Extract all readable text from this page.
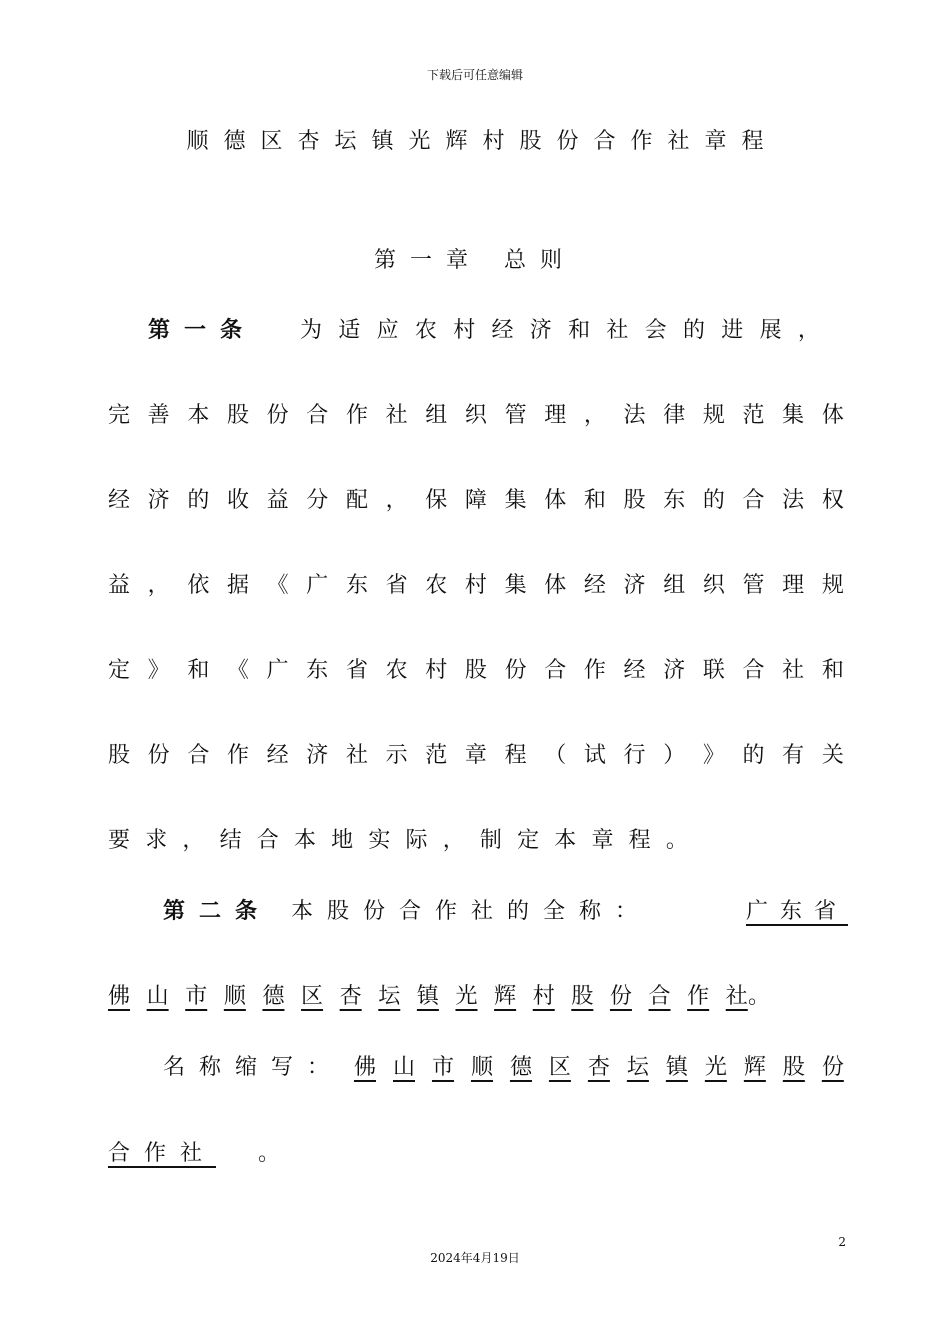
下载后可任意编辑
顺德区杏坛镇光辉村股份合作社章程
第一章 总则
第一条 为 适 应 农 村 经 济 和 社 会 的 进 展 ，
完 善 本 股 份 合 作 社 组 织 管 理 ， 法 律 规 范 集 体
经 济 的 收 益 分 配 ， 保 障 集 体 和 股 东 的 合 法 权
益 ， 依 据 《 广 东 省 农 村 集 体 经 济 组 织 管 理 规
定 》 和 《 广 东 省 农 村 股 份 合 作 经 济 联 合 社 和
股 份 合 作 经 济 社 示 范 章 程 （ 试 行 ） 》 的 有 关
要 求 ， 结 合 本 地 实 际 ， 制 定 本 章 程 。
第二条 本股份合作社的全称：	广东省
佛 山 市 顺 德 区 杏 坛 镇 光 辉 村 股 份 合 作 社 。
名称缩写： 佛 山 市 顺 德 区 杏 坛 镇 光 辉 股 份
合作社 。
2
2024年4月19日
